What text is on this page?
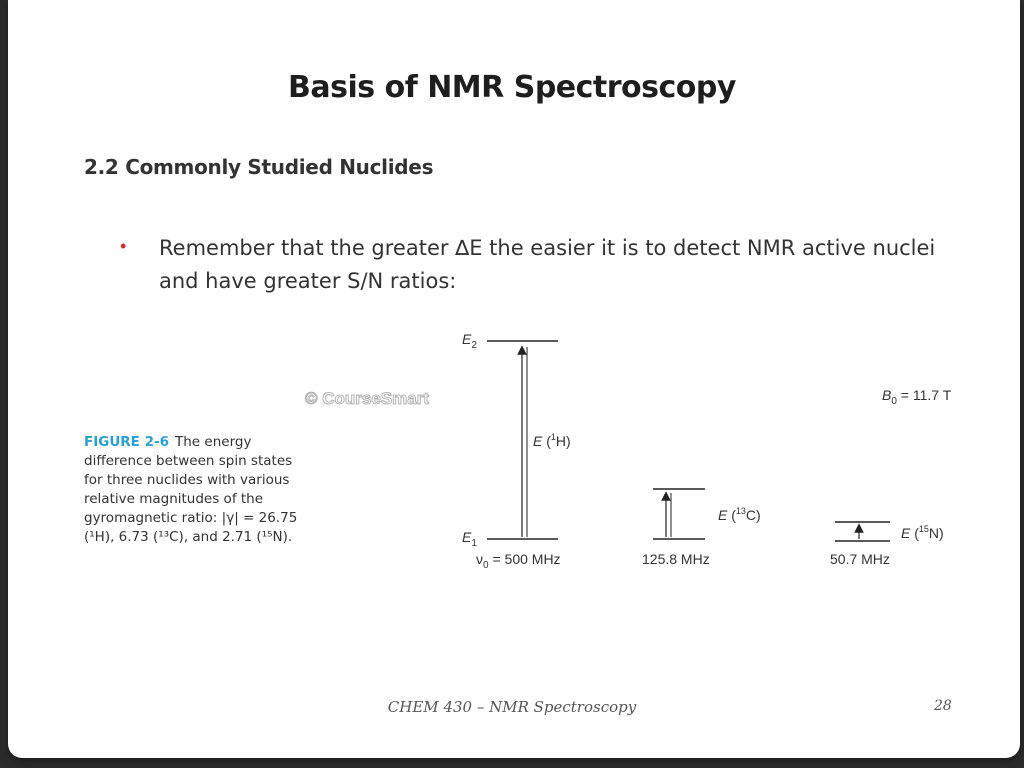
Basis of NMR Spectroscopy
2.2 Commonly Studied Nuclides
• Remember that the greater ∆E the easier it is to detect NMR active nuclei and have greater S/N ratios:
© CourseSmart	$B_0 = 11.7$ T
$E_2$
$E_1$
E ($^1$H)
$\nu_0 = 500$ MHz
E ($^{13}$C)
125.8 MHz
E ($^{15}$N)
50.7 MHz
FIGURE 2-6 The energy difference between spin states for three nuclides with various relative magnitudes of the gyromagnetic ratio: |γ| = 26.75 (¹H), 6.73 (¹³C), and 2.71 (¹⁵N).
CHEM 430 – NMR Spectroscopy	28
